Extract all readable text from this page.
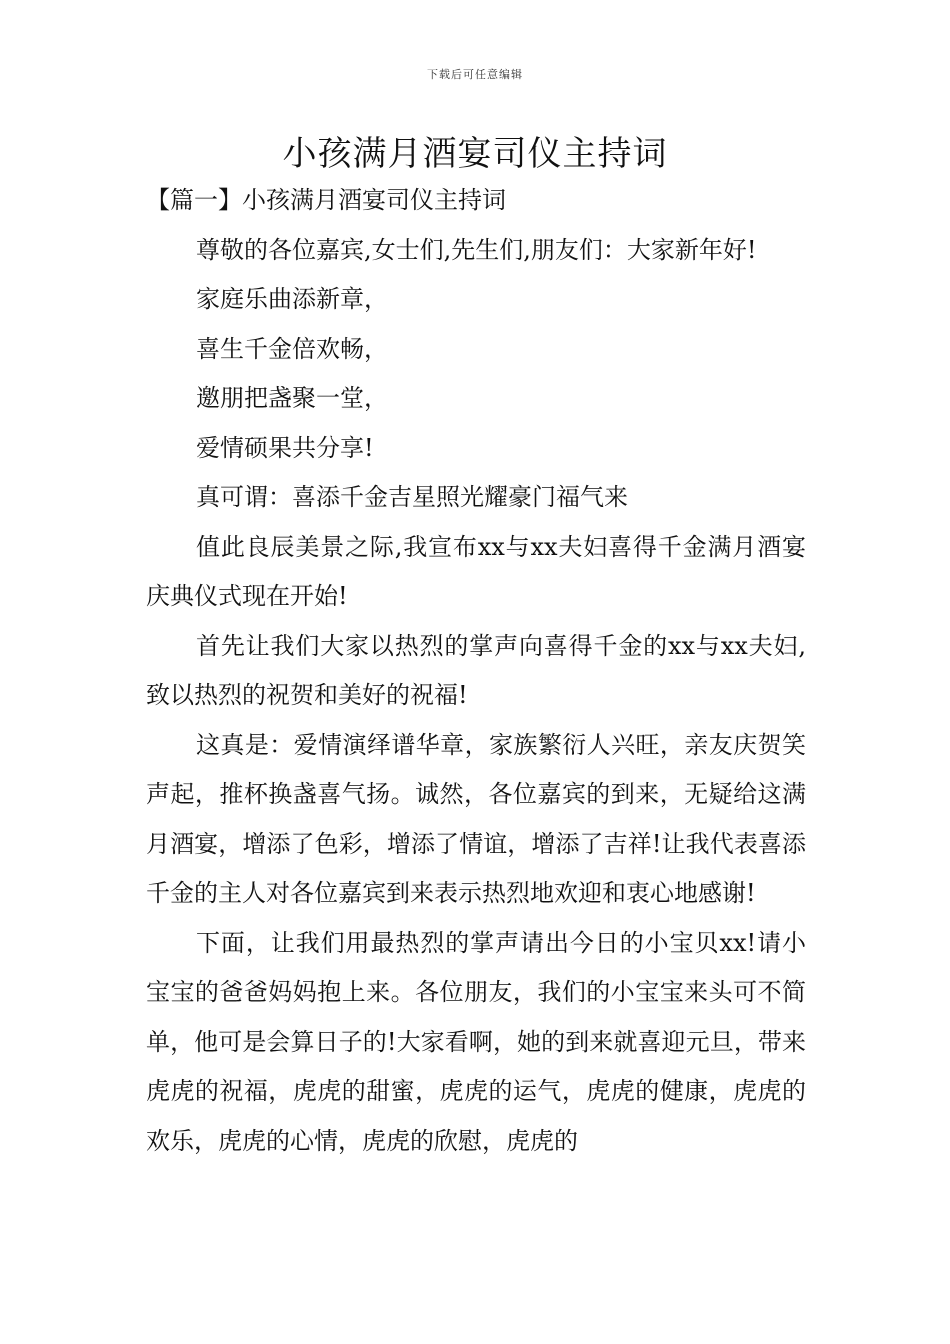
下载后可任意编辑
小孩满月酒宴司仪主持词

【篇一】小孩满月酒宴司仪主持词

尊敬的各位嘉宾,女士们,先生们,朋友们：大家新年好!

家庭乐曲添新章，

喜生千金倍欢畅，

邀朋把盏聚一堂，

爱情硕果共分享!

真可谓：喜添千金吉星照光耀豪门福气来

值此良辰美景之际,我宣布xx与xx夫妇喜得千金满月酒宴庆典仪式现在开始!

首先让我们大家以热烈的掌声向喜得千金的xx与xx夫妇,致以热烈的祝贺和美好的祝福!

这真是：爱情演绎谱华章，家族繁衍人兴旺，亲友庆贺笑声起，推杯换盏喜气扬。诚然，各位嘉宾的到来，无疑给这满月酒宴，增添了色彩，增添了情谊，增添了吉祥!让我代表喜添千金的主人对各位嘉宾到来表示热烈地欢迎和衷心地感谢!

下面，让我们用最热烈的掌声请出今日的小宝贝xx!请小宝宝的爸爸妈妈抱上来。各位朋友，我们的小宝宝来头可不简单，他可是会算日子的!大家看啊，她的到来就喜迎元旦，带来虎虎的祝福，虎虎的甜蜜，虎虎的运气，虎虎的健康，虎虎的欢乐，虎虎的心情，虎虎的欣慰，虎虎的
